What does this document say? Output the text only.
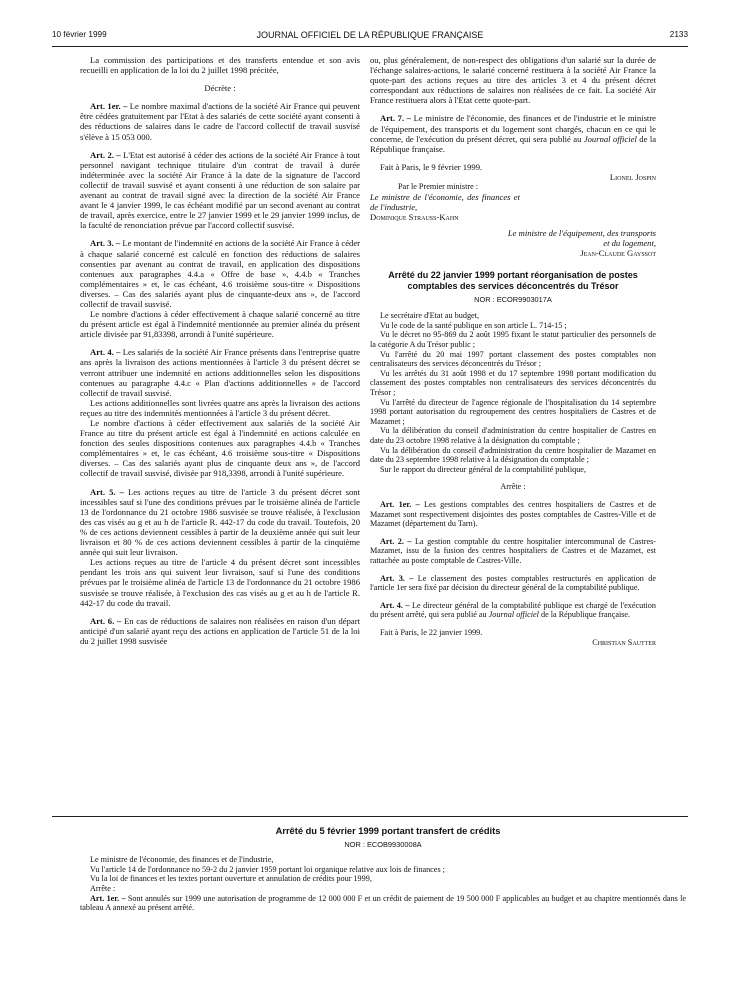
10 février 1999	JOURNAL OFFICIEL DE LA RÉPUBLIQUE FRANÇAISE	2133

La commission des participations et des transferts entendue et son avis recueilli en application de la loi du 2 juillet 1998 précitée,

Décrète :

Art. 1er. – Le nombre maximal d'actions de la société Air France qui peuvent être cédées gratuitement par l'Etat à des salariés de cette société ayant consenti à des réductions de salaires dans le cadre de l'accord collectif de travail susvisé s'élève à 15 053 000.

Art. 2. – L'Etat est autorisé à céder des actions de la société Air France à tout personnel navigant technique titulaire d'un contrat de travail à durée indéterminée avec la société Air France à la date de la signature de l'accord collectif de travail susvisé et ayant consenti à une réduction de son salaire par avenant au contrat de travail signé avec la direction de la société Air France avant le 4 janvier 1999, le cas échéant modifié par un second avenant au contrat de travail, après exercice, entre le 27 janvier 1999 et le 29 janvier 1999 inclus, de la faculté de renonciation prévue par l'accord collectif susvisé.

Art. 3. – Le montant de l'indemnité en actions de la société Air France à céder à chaque salarié concerné est calculé en fonction des réductions de salaires consenties par avenant au contrat de travail, en application des dispositions contenues aux paragraphes 4.4.a « Offre de base », 4.4.b « Tranches complémentaires » et, le cas échéant, 4.6 troisième sous-titre « Dispositions diverses. – Cas des salariés ayant plus de cinquante-deux ans », de l'accord collectif de travail susvisé.

Le nombre d'actions à céder effectivement à chaque salarié concerné au titre du présent article est égal à l'indemnité mentionnée au premier alinéa du présent article divisée par 91,83398, arrondi à l'unité supérieure.

Art. 4. – Les salariés de la société Air France présents dans l'entreprise quatre ans après la livraison des actions mentionnées à l'article 3 du présent décret se verront attribuer une indemnité en actions additionnelles selon les dispositions contenues au paragraphe 4.4.c « Plan d'actions additionnelles » de l'accord collectif de travail susvisé.

Les actions additionnelles sont livrées quatre ans après la livraison des actions reçues au titre des indemnités mentionnées à l'article 3 du présent décret.

Le nombre d'actions à céder effectivement aux salariés de la société Air France au titre du présent article est égal à l'indemnité en actions calculée en fonction des seules dispositions contenues aux paragraphes 4.4.b « Tranches complémentaires » et, le cas échéant, 4.6 troisième sous-titre « Dispositions diverses. – Cas des salariés ayant plus de cinquante deux ans », de l'accord collectif de travail susvisé, divisée par 918,3398, arrondi à l'unité supérieure.

Art. 5. – Les actions reçues au titre de l'article 3 du présent décret sont incessibles sauf si l'une des conditions prévues par le troisième alinéa de l'article 13 de l'ordonnance du 21 octobre 1986 susvisée se trouve réalisée, à l'exclusion des cas visés au g et au h de l'article R. 442-17 du code du travail. Toutefois, 20 % de ces actions deviennent cessibles à partir de la deuxième année qui suit leur livraison et 80 % de ces actions deviennent cessibles à partir de la cinquième année qui suit leur livraison.

Les actions reçues au titre de l'article 4 du présent décret sont incessibles pendant les trois ans qui suivent leur livraison, sauf si l'une des conditions prévues par le troisième alinéa de l'article 13 de l'ordonnance du 21 octobre 1986 susvisée se trouve réalisée, à l'exclusion des cas visés au g et au h de l'article R. 442-17 du code du travail.

Art. 6. – En cas de réductions de salaires non réalisées en raison d'un départ anticipé d'un salarié ayant reçu des actions en application de l'article 51 de la loi du 2 juillet 1998 susvisée

ou, plus généralement, de non-respect des obligations d'un salarié sur la durée de l'échange salaires-actions, le salarié concerné restituera à la société Air France la quote-part des actions reçues au titre des articles 3 et 4 du présent décret correspondant aux réductions de salaires non réalisées de ce fait. La société Air France restituera alors à l'Etat cette quote-part.

Art. 7. – Le ministre de l'économie, des finances et de l'industrie et le ministre de l'équipement, des transports et du logement sont chargés, chacun en ce qui le concerne, de l'exécution du présent décret, qui sera publié au Journal officiel de la République française.

Fait à Paris, le 9 février 1999.

Lionel Jospin

Par le Premier ministre :

Le ministre de l'économie, des finances et de l'industrie,

Dominique Strauss-Kahn

Le ministre de l'équipement, des transports et du logement,

Jean-Claude Gayssot

Arrêté du 22 janvier 1999 portant réorganisation de postes comptables des services déconcentrés du Trésor

NOR : ECOR9903017A

Le secrétaire d'Etat au budget,

Vu le code de la santé publique en son article L. 714-15 ;

Vu le décret no 95-869 du 2 août 1995 fixant le statut particulier des personnels de la catégorie A du Trésor public ;

Vu l'arrêté du 20 mai 1997 portant classement des postes comptables non centralisateurs des services déconcentrés du Trésor ;

Vu les arrêtés du 31 août 1998 et du 17 septembre 1998 portant modification du classement des postes comptables non centralisateurs des services déconcentrés du Trésor ;

Vu l'arrêté du directeur de l'agence régionale de l'hospitalisation du 14 septembre 1998 portant autorisation du regroupement des centres hospitaliers de Castres et de Mazamet ;

Vu la délibération du conseil d'administration du centre hospitalier de Castres en date du 23 octobre 1998 relative à la désignation du comptable ;

Vu la délibération du conseil d'administration du centre hospitalier de Mazamet en date du 23 septembre 1998 relative à la désignation du comptable ;

Sur le rapport du directeur général de la comptabilité publique,

Arrête :

Art. 1er. – Les gestions comptables des centres hospitaliers de Castres et de Mazamet sont respectivement disjointes des postes comptables de Castres-Ville et de Mazamet (département du Tarn).

Art. 2. – La gestion comptable du centre hospitalier intercommunal de Castres-Mazamet, issu de la fusion des centres hospitaliers de Castres et de Mazamet, est rattachée au poste comptable de Castres-Ville.

Art. 3. – Le classement des postes comptables restructurés en application de l'article 1er sera fixé par décision du directeur général de la comptabilité publique.

Art. 4. – Le directeur général de la comptabilité publique est chargé de l'exécution du présent arrêté, qui sera publié au Journal officiel de la République française.

Fait à Paris, le 22 janvier 1999.

Christian Sautter

Arrêté du 5 février 1999 portant transfert de crédits

NOR : ECOB9930008A

Le ministre de l'économie, des finances et de l'industrie,

Vu l'article 14 de l'ordonnance no 59-2 du 2 janvier 1959 portant loi organique relative aux lois de finances ;

Vu la loi de finances et les textes portant ouverture et annulation de crédits pour 1999,

Arrête :

Art. 1er. – Sont annulés sur 1999 une autorisation de programme de 12 000 000 F et un crédit de paiement de 19 500 000 F applicables au budget et au chapitre mentionnés dans le tableau A annexé au présent arrêté.
